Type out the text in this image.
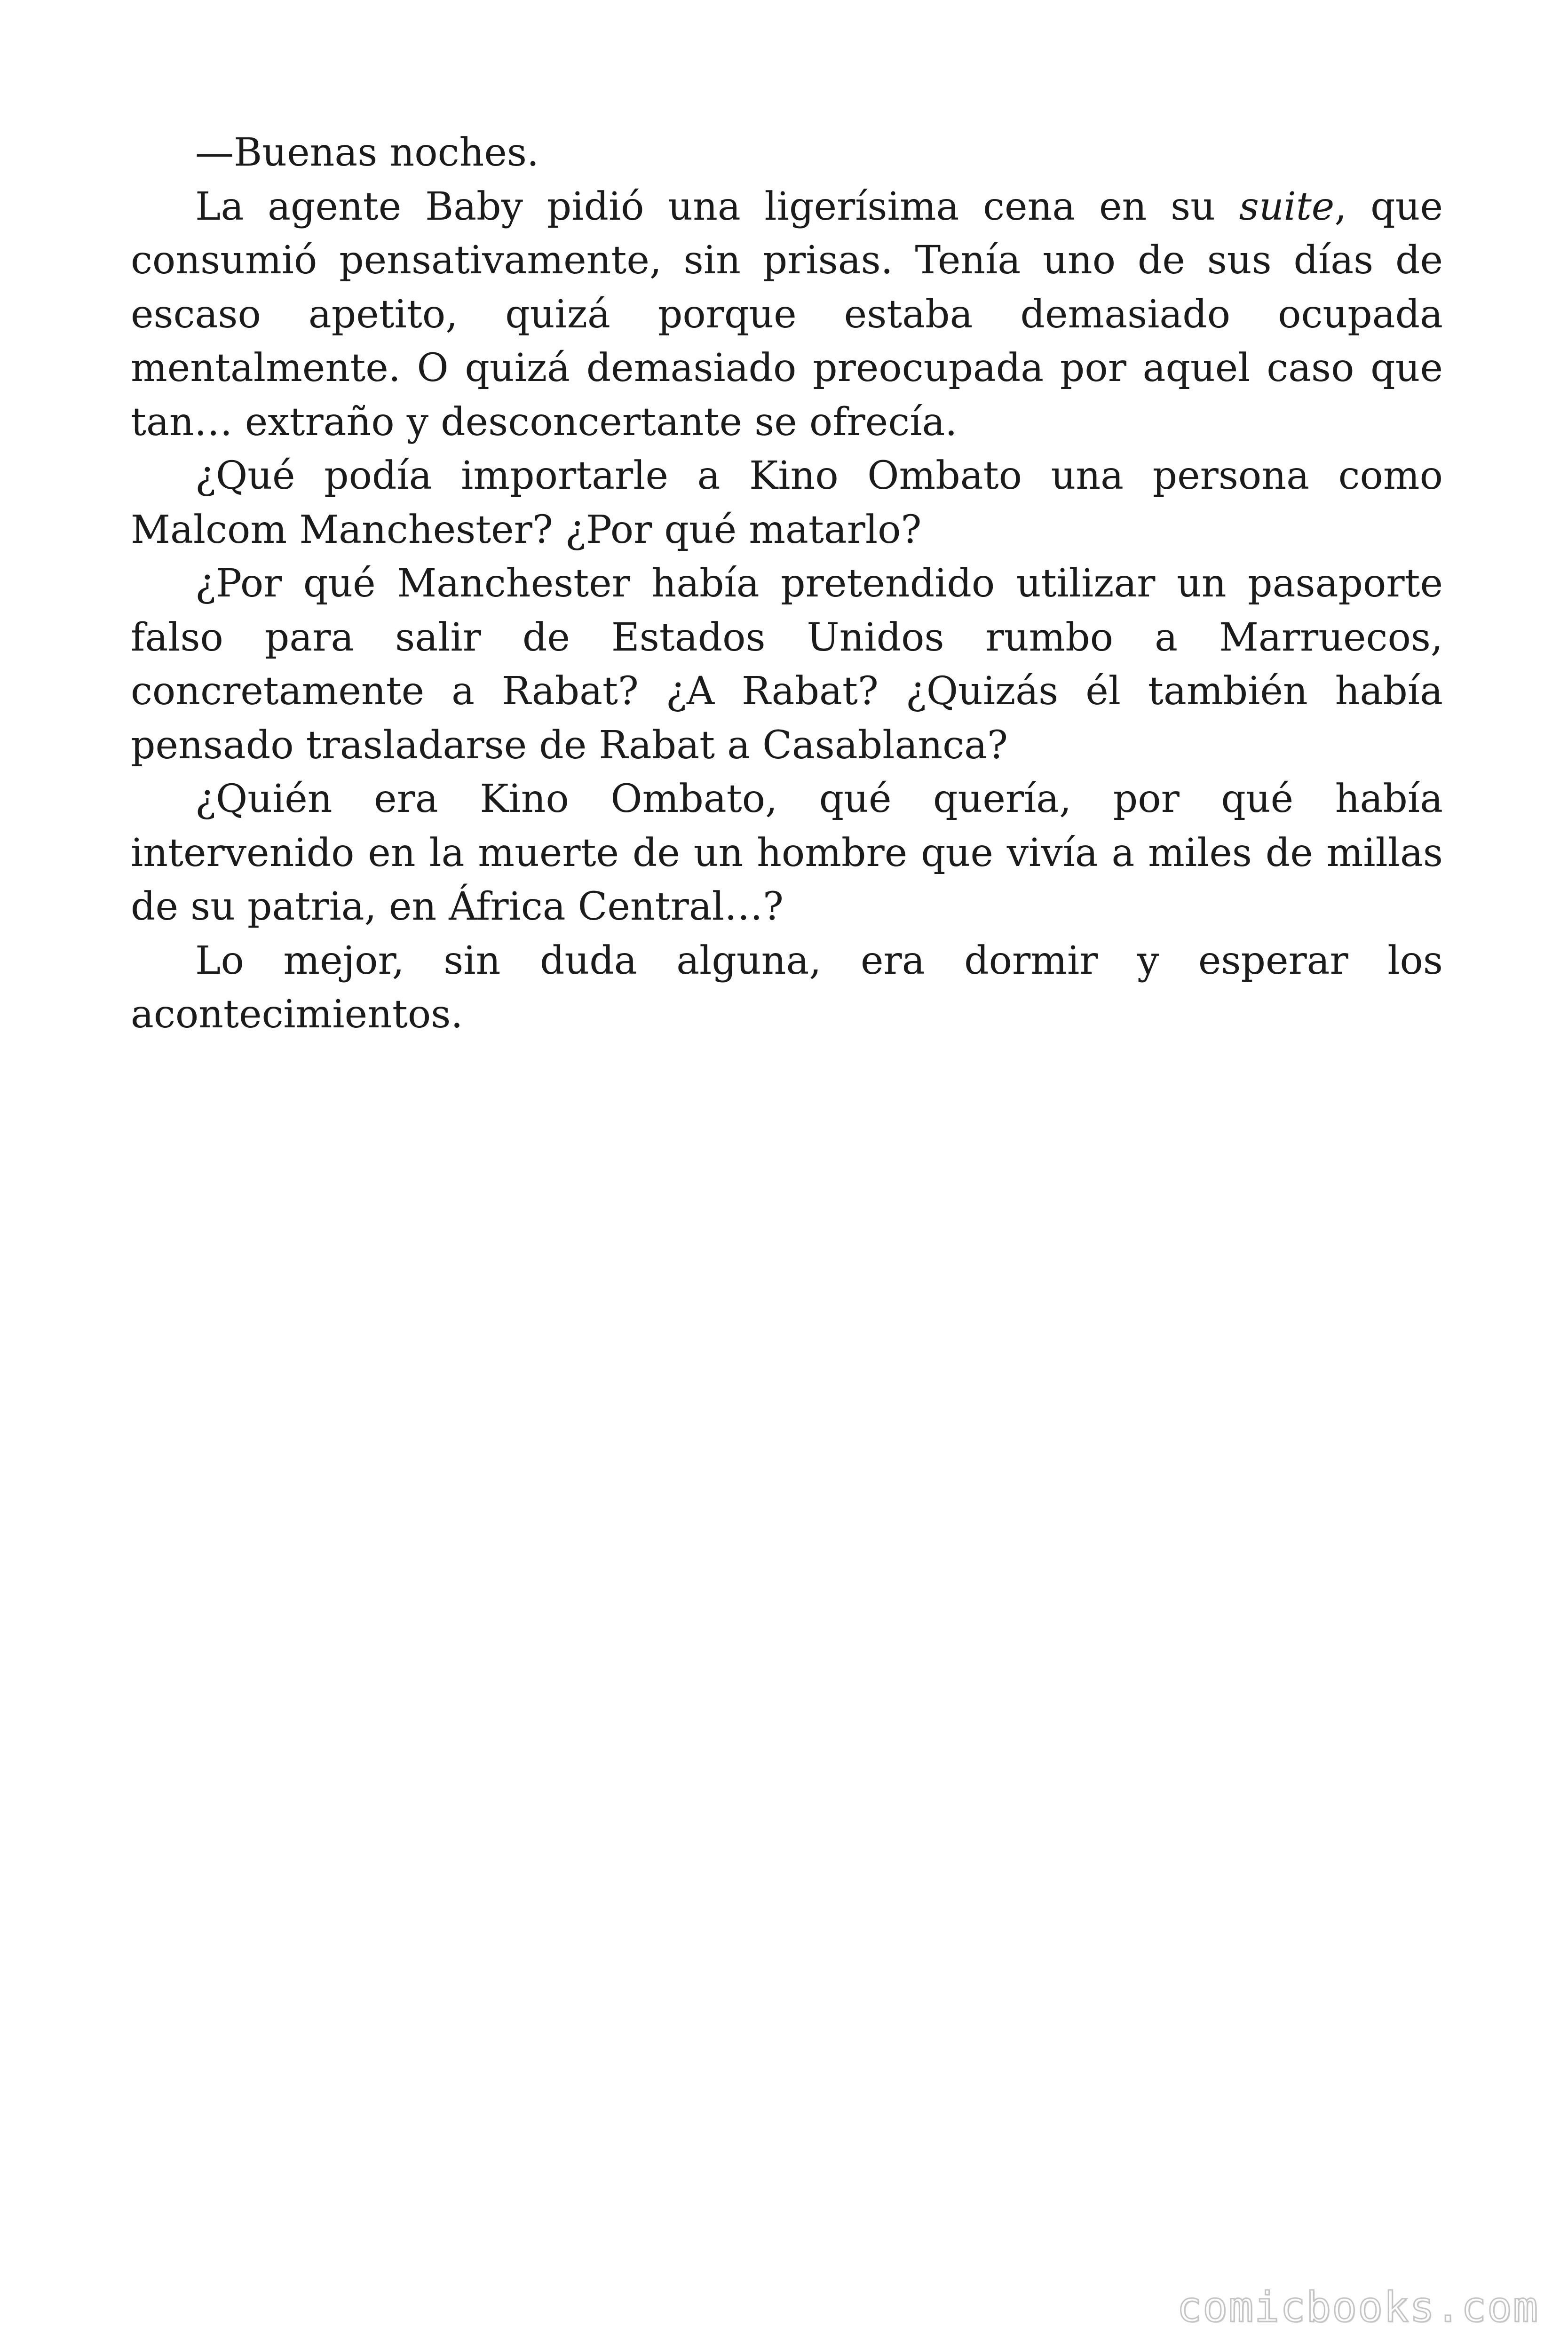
—Buenas noches.

La agente Baby pidió una ligerísima cena en su suite, que consumió pensativamente, sin prisas. Tenía uno de sus días de escaso apetito, quizá porque estaba demasiado ocupada mentalmente. O quizá demasiado preocupada por aquel caso que tan… extraño y desconcertante se ofrecía.

¿Qué podía importarle a Kino Ombato una persona como Malcom Manchester? ¿Por qué matarlo?

¿Por qué Manchester había pretendido utilizar un pasaporte falso para salir de Estados Unidos rumbo a Marruecos, concretamente a Rabat? ¿A Rabat? ¿Quizás él también había pensado trasladarse de Rabat a Casablanca?

¿Quién era Kino Ombato, qué quería, por qué había intervenido en la muerte de un hombre que vivía a miles de millas de su patria, en África Central…?

Lo mejor, sin duda alguna, era dormir y esperar los acontecimientos.

comicbooks.com
